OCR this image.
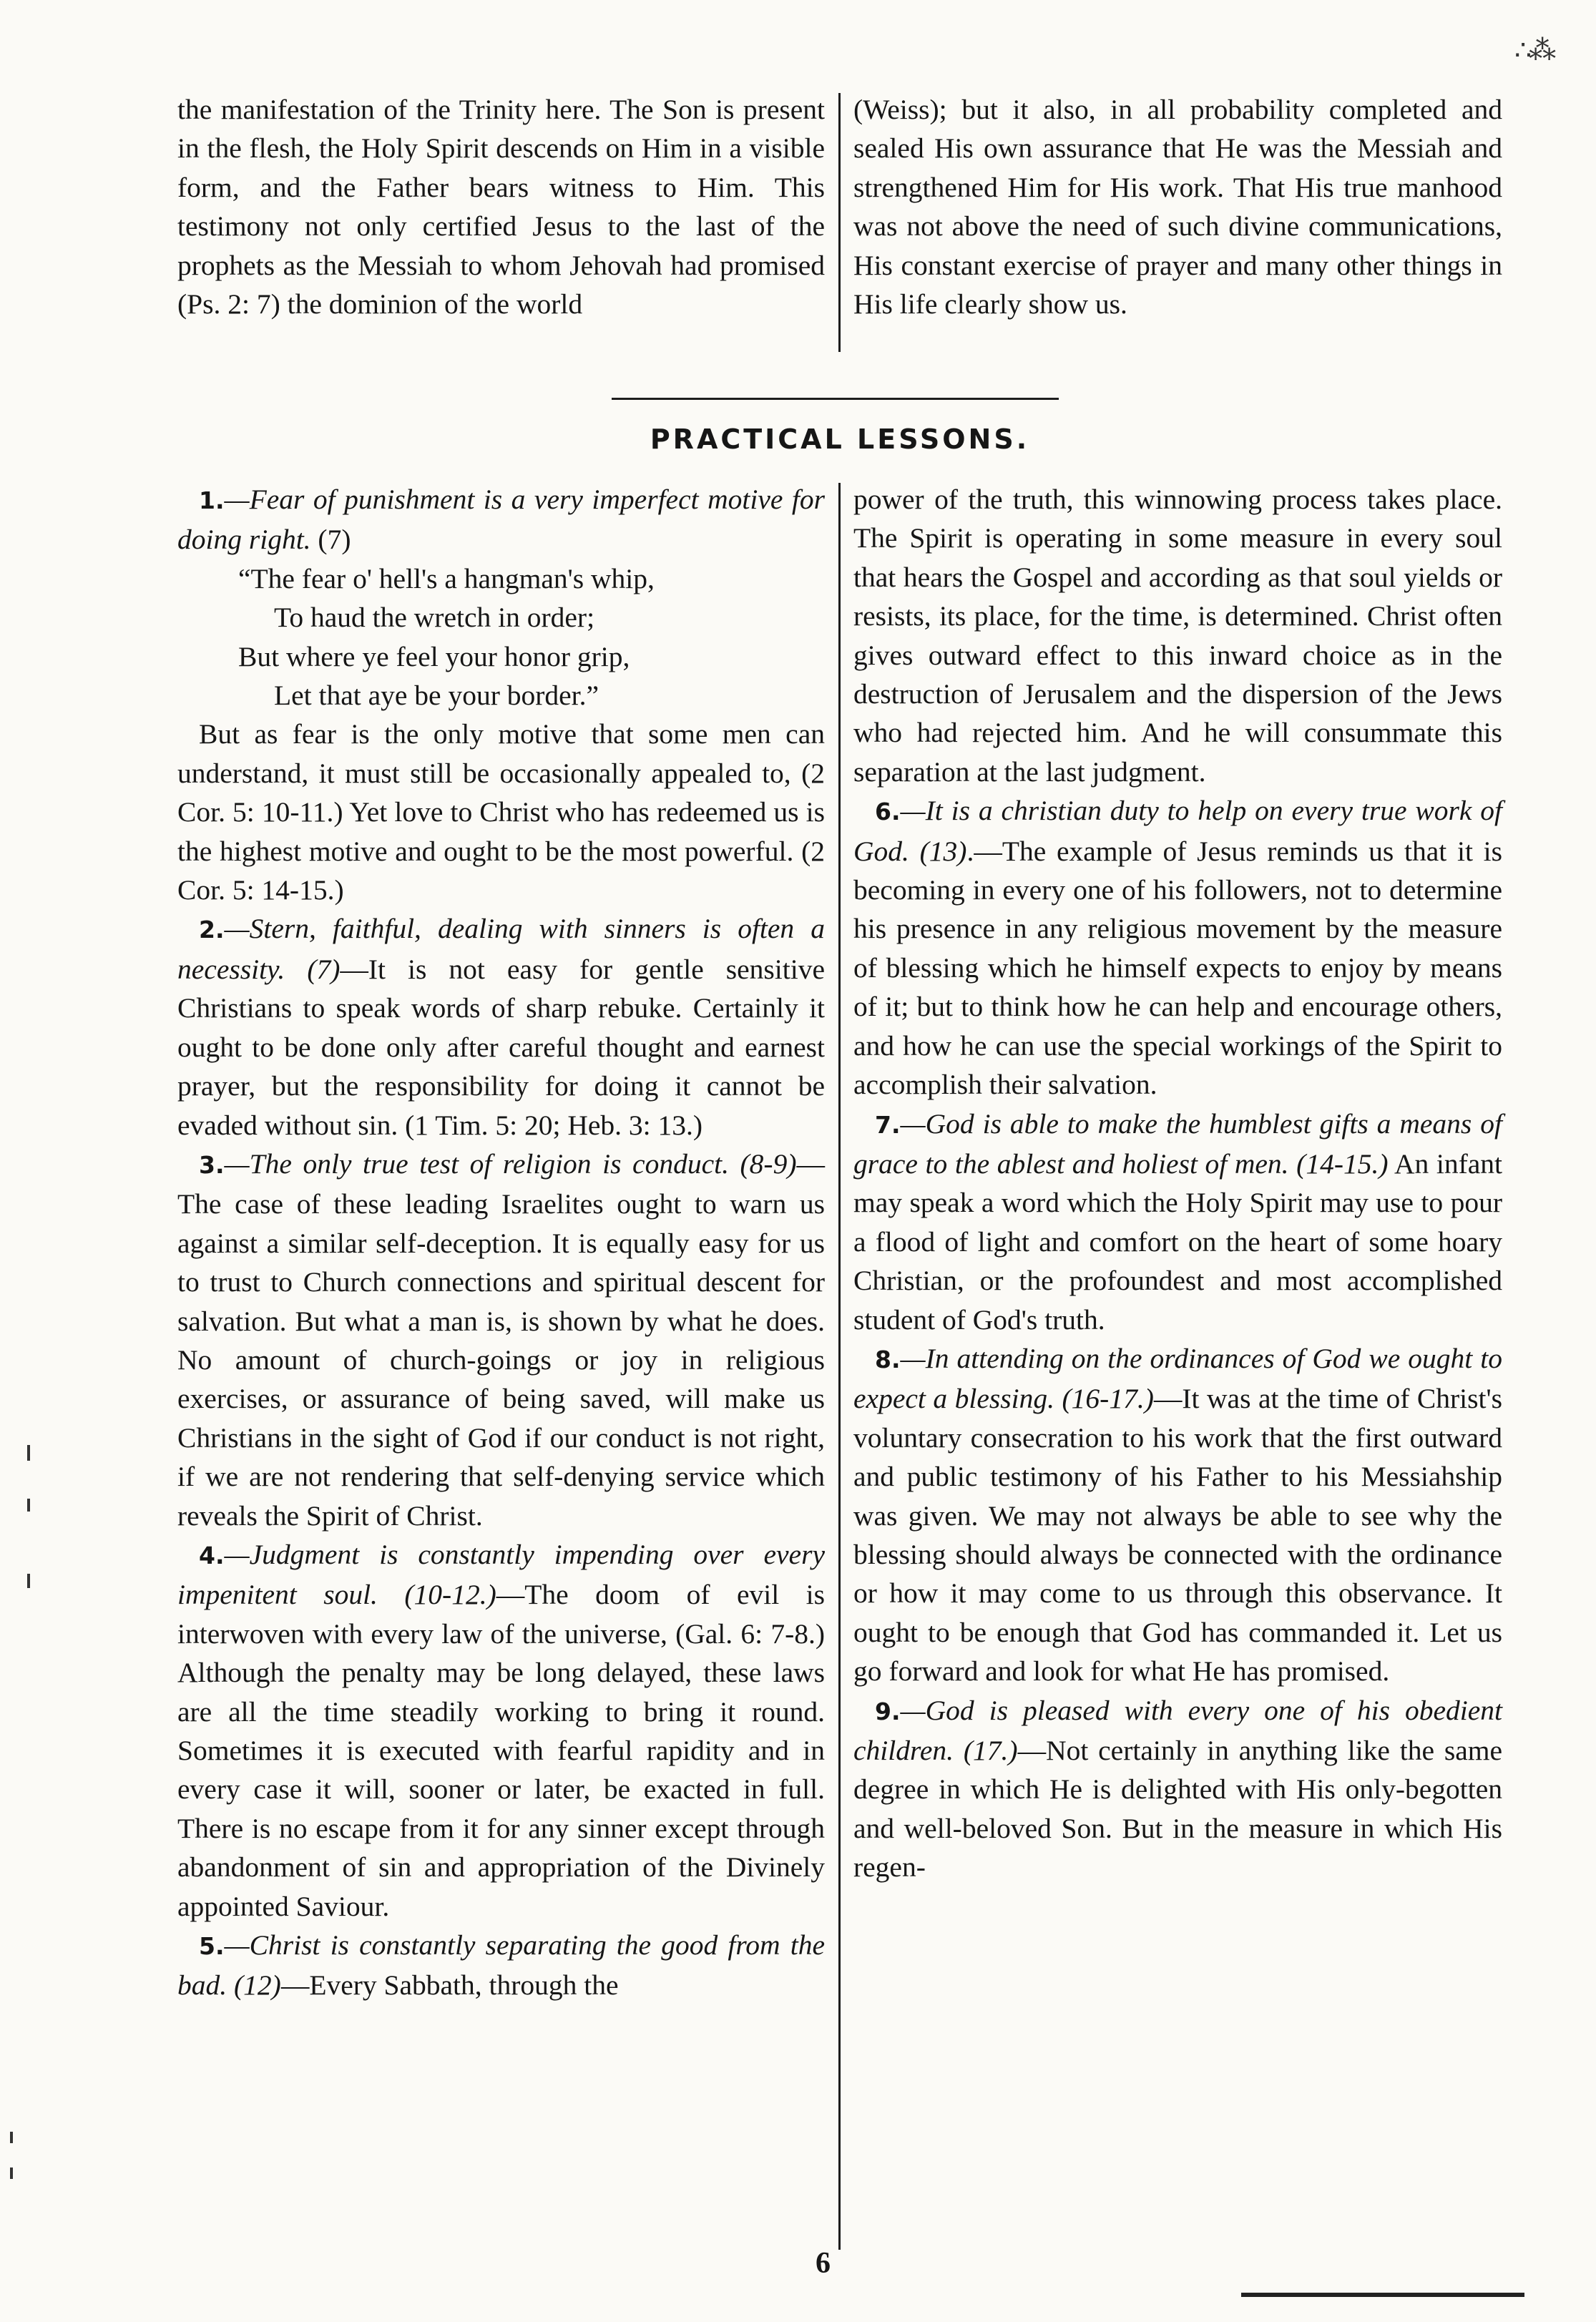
∴⁂

the manifestation of the Trinity here. The Son is present in the flesh, the Holy Spirit descends on Him in a visible form, and the Father bears witness to Him. This testimony not only certified Jesus to the last of the prophets as the Messiah to whom Jehovah had promised (Ps. 2: 7) the dominion of the world

(Weiss); but it also, in all probability completed and sealed His own assurance that He was the Messiah and strengthened Him for His work. That His true manhood was not above the need of such divine communications, His constant exercise of prayer and many other things in His life clearly show us.

PRACTICAL LESSONS.

1.—Fear of punishment is a very imperfect motive for doing right. (7)

“The fear o' hell's a hangman's whip,

To haud the wretch in order;

But where ye feel your honor grip,

Let that aye be your border.”

But as fear is the only motive that some men can understand, it must still be occasionally appealed to, (2 Cor. 5: 10-11.) Yet love to Christ who has redeemed us is the highest motive and ought to be the most powerful. (2 Cor. 5: 14-15.)

2.—Stern, faithful, dealing with sinners is often a necessity. (7)—It is not easy for gentle sensitive Christians to speak words of sharp rebuke. Certainly it ought to be done only after careful thought and earnest prayer, but the responsibility for doing it cannot be evaded without sin. (1 Tim. 5: 20; Heb. 3: 13.)

3.—The only true test of religion is conduct. (8-9)—The case of these leading Israelites ought to warn us against a similar self-deception. It is equally easy for us to trust to Church connections and spiritual descent for salvation. But what a man is, is shown by what he does. No amount of church-goings or joy in religious exercises, or assurance of being saved, will make us Christians in the sight of God if our conduct is not right, if we are not rendering that self-denying service which reveals the Spirit of Christ.

4.—Judgment is constantly impending over every impenitent soul. (10-12.)—The doom of evil is interwoven with every law of the universe, (Gal. 6: 7-8.) Although the penalty may be long delayed, these laws are all the time steadily working to bring it round. Sometimes it is executed with fearful rapidity and in every case it will, sooner or later, be exacted in full. There is no escape from it for any sinner except through abandonment of sin and appropriation of the Divinely appointed Saviour.

5.—Christ is constantly separating the good from the bad. (12)—Every Sabbath, through the

power of the truth, this winnowing process takes place. The Spirit is operating in some measure in every soul that hears the Gospel and according as that soul yields or resists, its place, for the time, is determined. Christ often gives outward effect to this inward choice as in the destruction of Jerusalem and the dispersion of the Jews who had rejected him. And he will consummate this separation at the last judgment.

6.—It is a christian duty to help on every true work of God. (13).—The example of Jesus reminds us that it is becoming in every one of his followers, not to determine his presence in any religious movement by the measure of blessing which he himself expects to enjoy by means of it; but to think how he can help and encourage others, and how he can use the special workings of the Spirit to accomplish their salvation.

7.—God is able to make the humblest gifts a means of grace to the ablest and holiest of men. (14-15.) An infant may speak a word which the Holy Spirit may use to pour a flood of light and comfort on the heart of some hoary Christian, or the profoundest and most accomplished student of God's truth.

8.—In attending on the ordinances of God we ought to expect a blessing. (16-17.)—It was at the time of Christ's voluntary consecration to his work that the first outward and public testimony of his Father to his Messiahship was given. We may not always be able to see why the blessing should always be connected with the ordinance or how it may come to us through this observance. It ought to be enough that God has commanded it. Let us go forward and look for what He has promised.

9.—God is pleased with every one of his obedient children. (17.)—Not certainly in anything like the same degree in which He is delighted with His only-begotten and well-beloved Son. But in the measure in which His regen-

6
